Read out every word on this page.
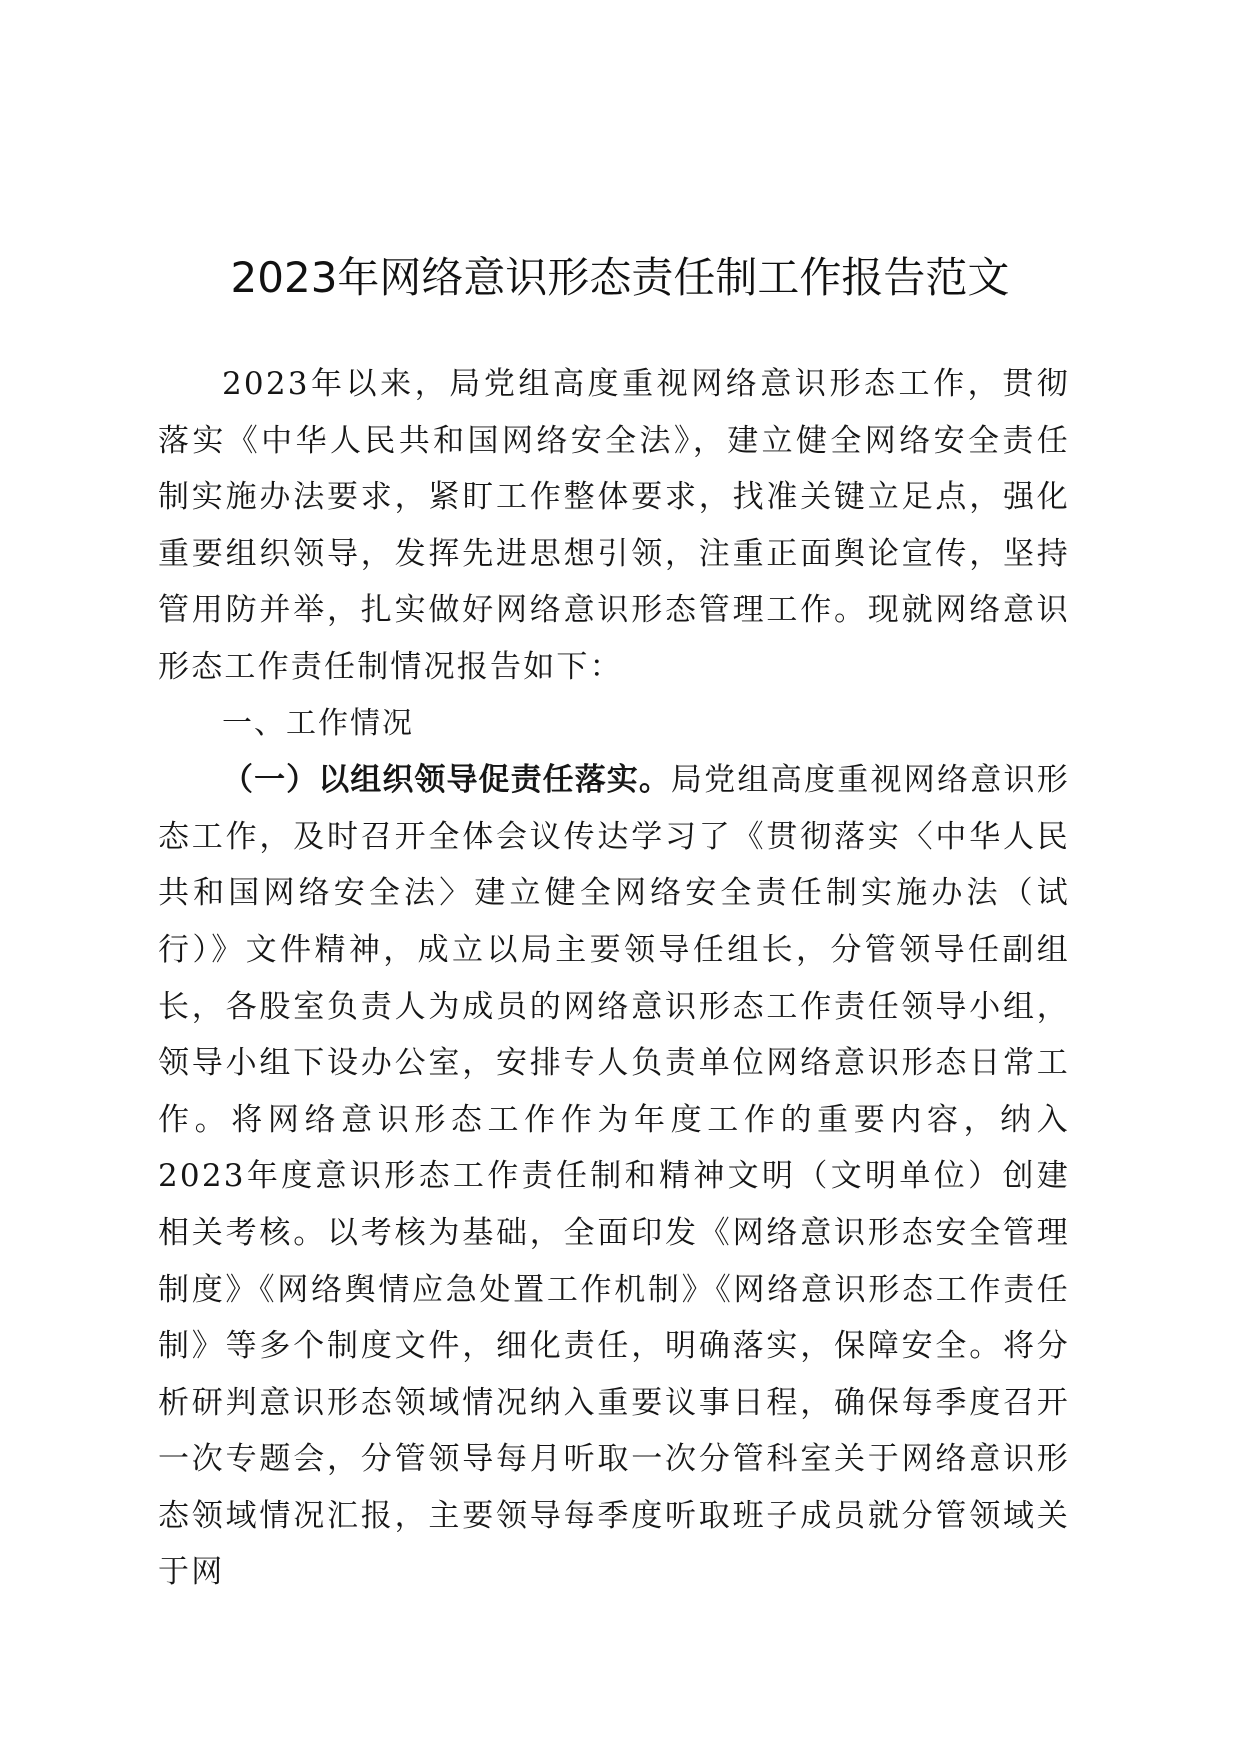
2023年网络意识形态责任制工作报告范文

2023年以来，局党组高度重视网络意识形态工作，贯彻落实《中华人民共和国网络安全法》，建立健全网络安全责任制实施办法要求，紧盯工作整体要求，找准关键立足点，强化重要组织领导，发挥先进思想引领，注重正面舆论宣传，坚持管用防并举，扎实做好网络意识形态管理工作。现就网络意识形态工作责任制情况报告如下：

一、工作情况

（一）以组织领导促责任落实。局党组高度重视网络意识形态工作，及时召开全体会议传达学习了《贯彻落实〈中华人民共和国网络安全法〉建立健全网络安全责任制实施办法（试行）》文件精神，成立以局主要领导任组长，分管领导任副组长，各股室负责人为成员的网络意识形态工作责任领导小组，领导小组下设办公室，安排专人负责单位网络意识形态日常工作。将网络意识形态工作作为年度工作的重要内容，纳入2023年度意识形态工作责任制和精神文明（文明单位）创建相关考核。以考核为基础，全面印发《网络意识形态安全管理制度》《网络舆情应急处置工作机制》《网络意识形态工作责任制》等多个制度文件，细化责任，明确落实，保障安全。将分析研判意识形态领域情况纳入重要议事日程，确保每季度召开一次专题会，分管领导每月听取一次分管科室关于网络意识形态领域情况汇报，主要领导每季度听取班子成员就分管领域关于网
